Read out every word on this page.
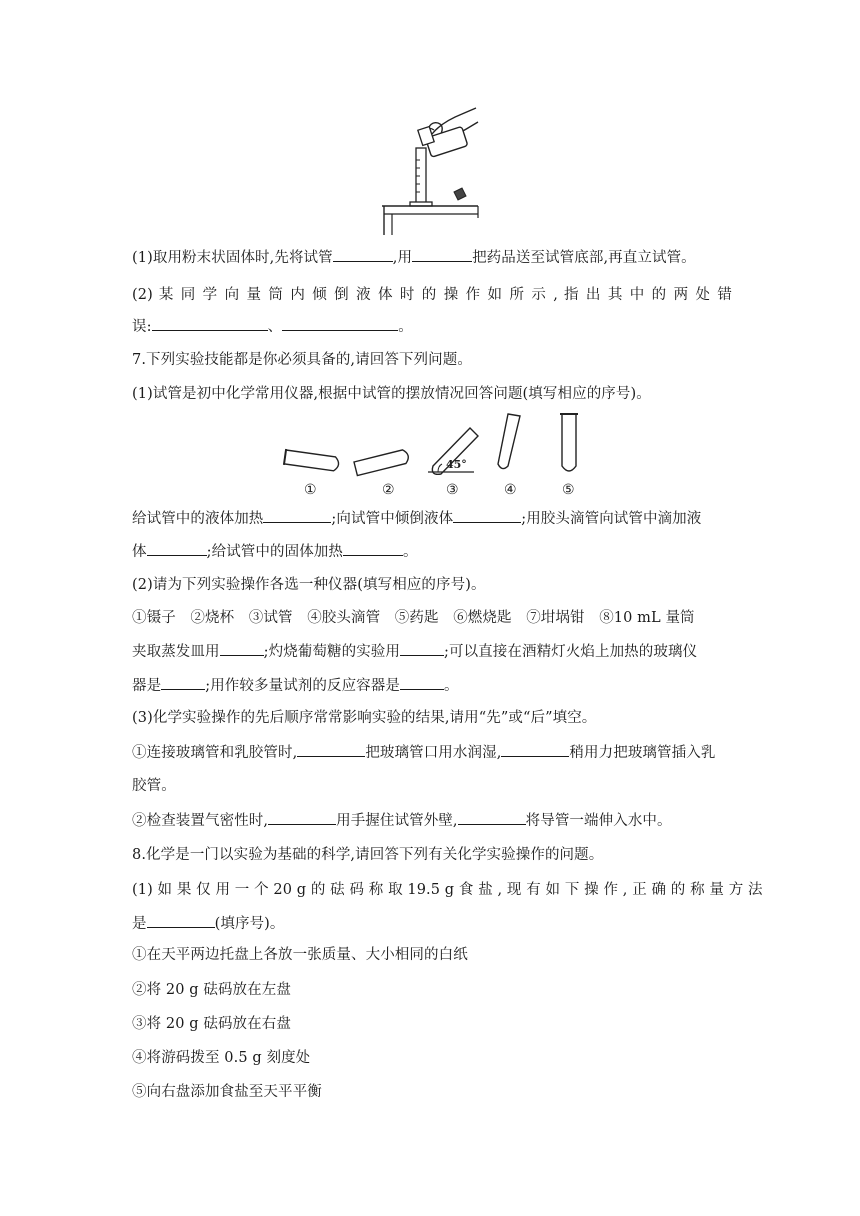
(1)取用粉末状固体时,先将试管	,用	把药品送至试管底部,再直立试管。
(2) 某 同 学 向 量 筒 内 倾 倒 液 体 时 的 操 作 如 所 示 , 指 出 其 中 的 两 处 错
误:	、	。
7.下列实验技能都是你必须具备的,请回答下列问题。
(1)试管是初中化学常用仪器,根据中试管的摆放情况回答问题(填写相应的序号)。
45°
①	②	③	④	⑤
给试管中的液体加热	;向试管中倾倒液体	;用胶头滴管向试管中滴加液
体	;给试管中的固体加热	。
(2)请为下列实验操作各选一种仪器(填写相应的序号)。
①镊子　②烧杯　③试管　④胶头滴管　⑤药匙　⑥燃烧匙　⑦坩埚钳　⑧10 mL 量筒
夹取蒸发皿用	;灼烧葡萄糖的实验用	;可以直接在酒精灯火焰上加热的玻璃仪
器是	;用作较多量试剂的反应容器是	。
(3)化学实验操作的先后顺序常常影响实验的结果,请用“先”或“后”填空。
①连接玻璃管和乳胶管时,	把玻璃管口用水润湿,	稍用力把玻璃管插入乳
胶管。
②检查装置气密性时,	用手握住试管外壁,	将导管一端伸入水中。
8.化学是一门以实验为基础的科学,请回答下列有关化学实验操作的问题。
(1) 如 果 仅 用 一 个 20 g 的 砝 码 称 取 19.5 g 食 盐 , 现 有 如 下 操 作 , 正 确 的 称 量 方 法
是	(填序号)。
①在天平两边托盘上各放一张质量、大小相同的白纸
②将 20 g 砝码放在左盘
③将 20 g 砝码放在右盘
④将游码拨至 0.5 g 刻度处
⑤向右盘添加食盐至天平平衡
